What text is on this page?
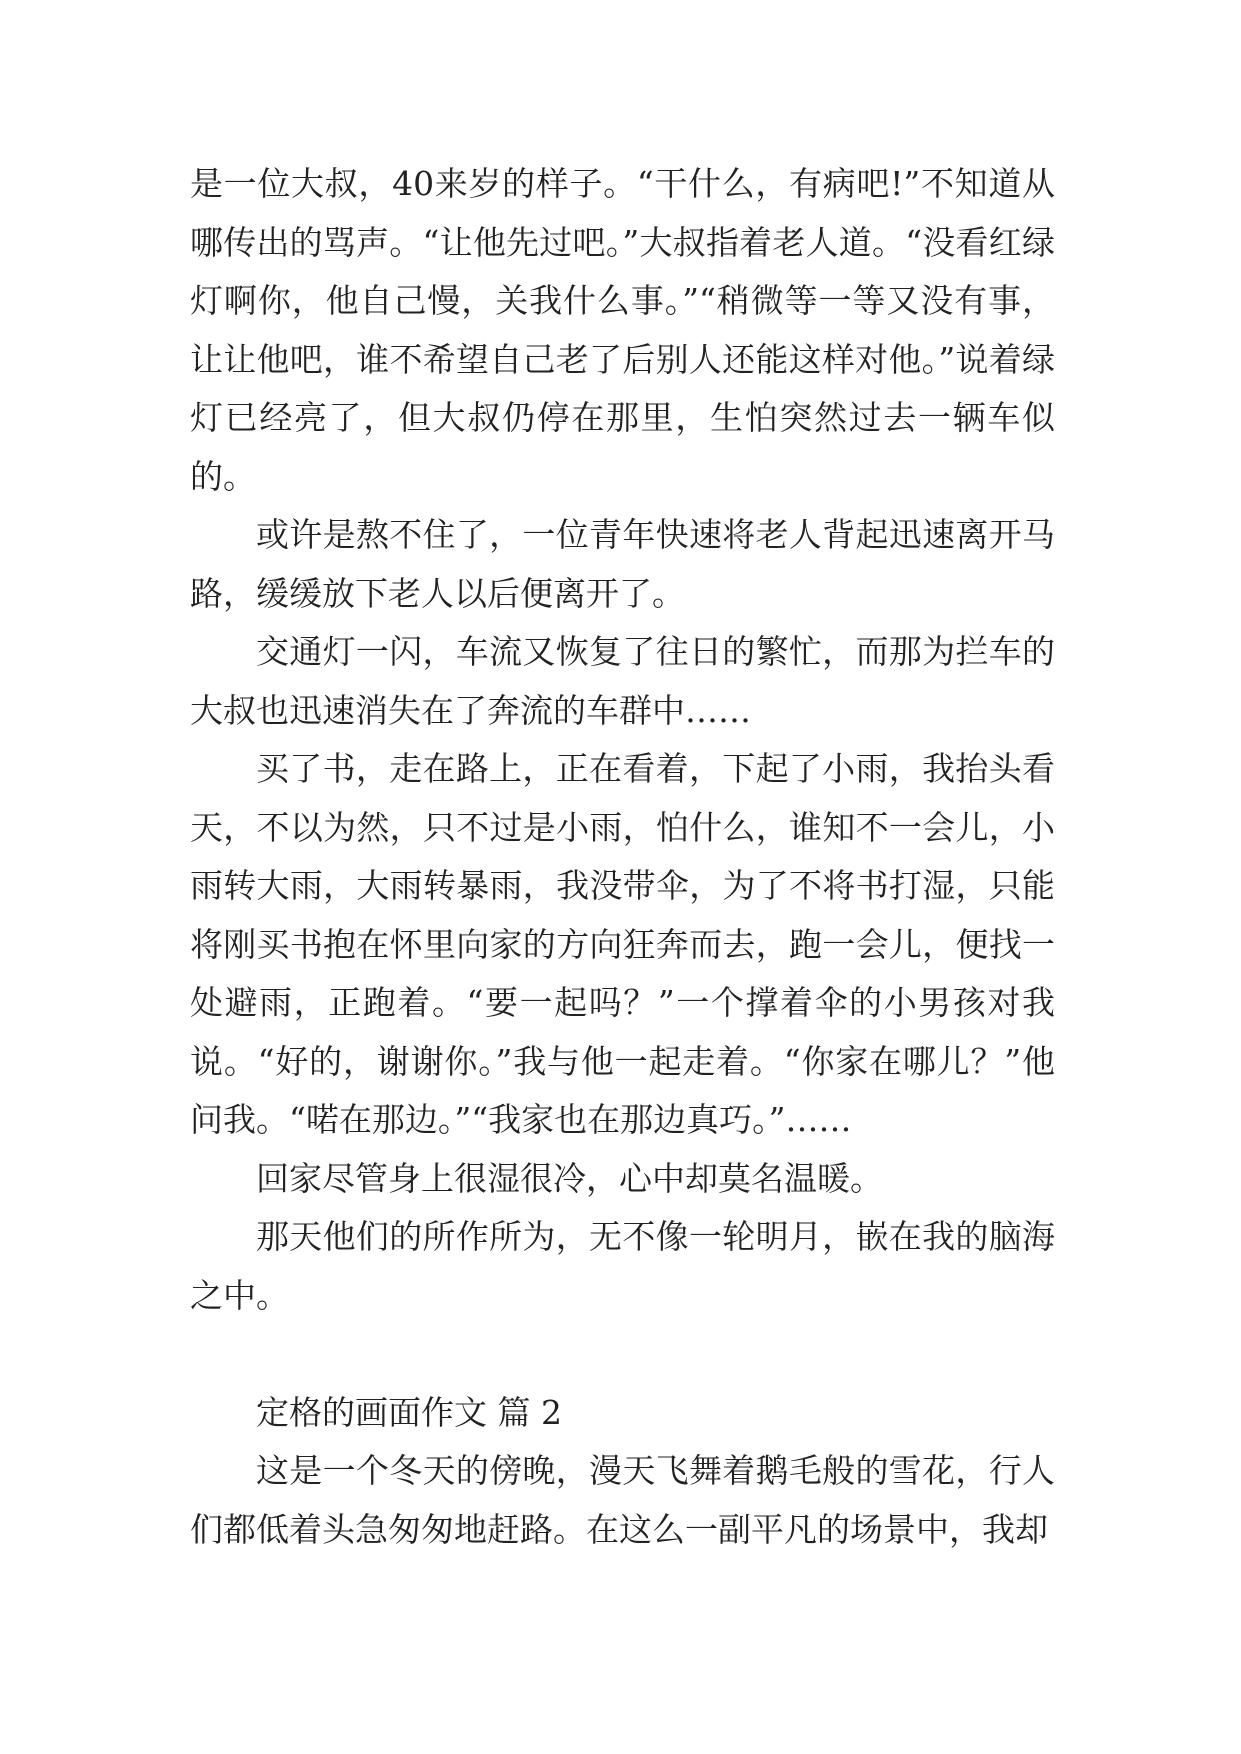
是一位大叔，40来岁的样子。“干什么，有病吧!”不知道从哪传出的骂声。“让他先过吧。”大叔指着老人道。“没看红绿灯啊你，他自己慢，关我什么事。”“稍微等一等又没有事，让让他吧，谁不希望自己老了后别人还能这样对他。”说着绿灯已经亮了，但大叔仍停在那里，生怕突然过去一辆车似的。

或许是熬不住了，一位青年快速将老人背起迅速离开马路，缓缓放下老人以后便离开了。

交通灯一闪，车流又恢复了往日的繁忙，而那为拦车的大叔也迅速消失在了奔流的车群中……

买了书，走在路上，正在看着，下起了小雨，我抬头看天，不以为然，只不过是小雨，怕什么，谁知不一会儿，小雨转大雨，大雨转暴雨，我没带伞，为了不将书打湿，只能将刚买书抱在怀里向家的方向狂奔而去，跑一会儿，便找一处避雨，正跑着。“要一起吗？”一个撑着伞的小男孩对我说。“好的，谢谢你。”我与他一起走着。“你家在哪儿？”他问我。“喏在那边。”“我家也在那边真巧。”……

回家尽管身上很湿很冷，心中却莫名温暖。

那天他们的所作所为，无不像一轮明月，嵌在我的脑海之中。

定格的画面作文 篇 2

这是一个冬天的傍晚，漫天飞舞着鹅毛般的雪花，行人们都低着头急匆匆地赶路。在这么一副平凡的场景中，我却
